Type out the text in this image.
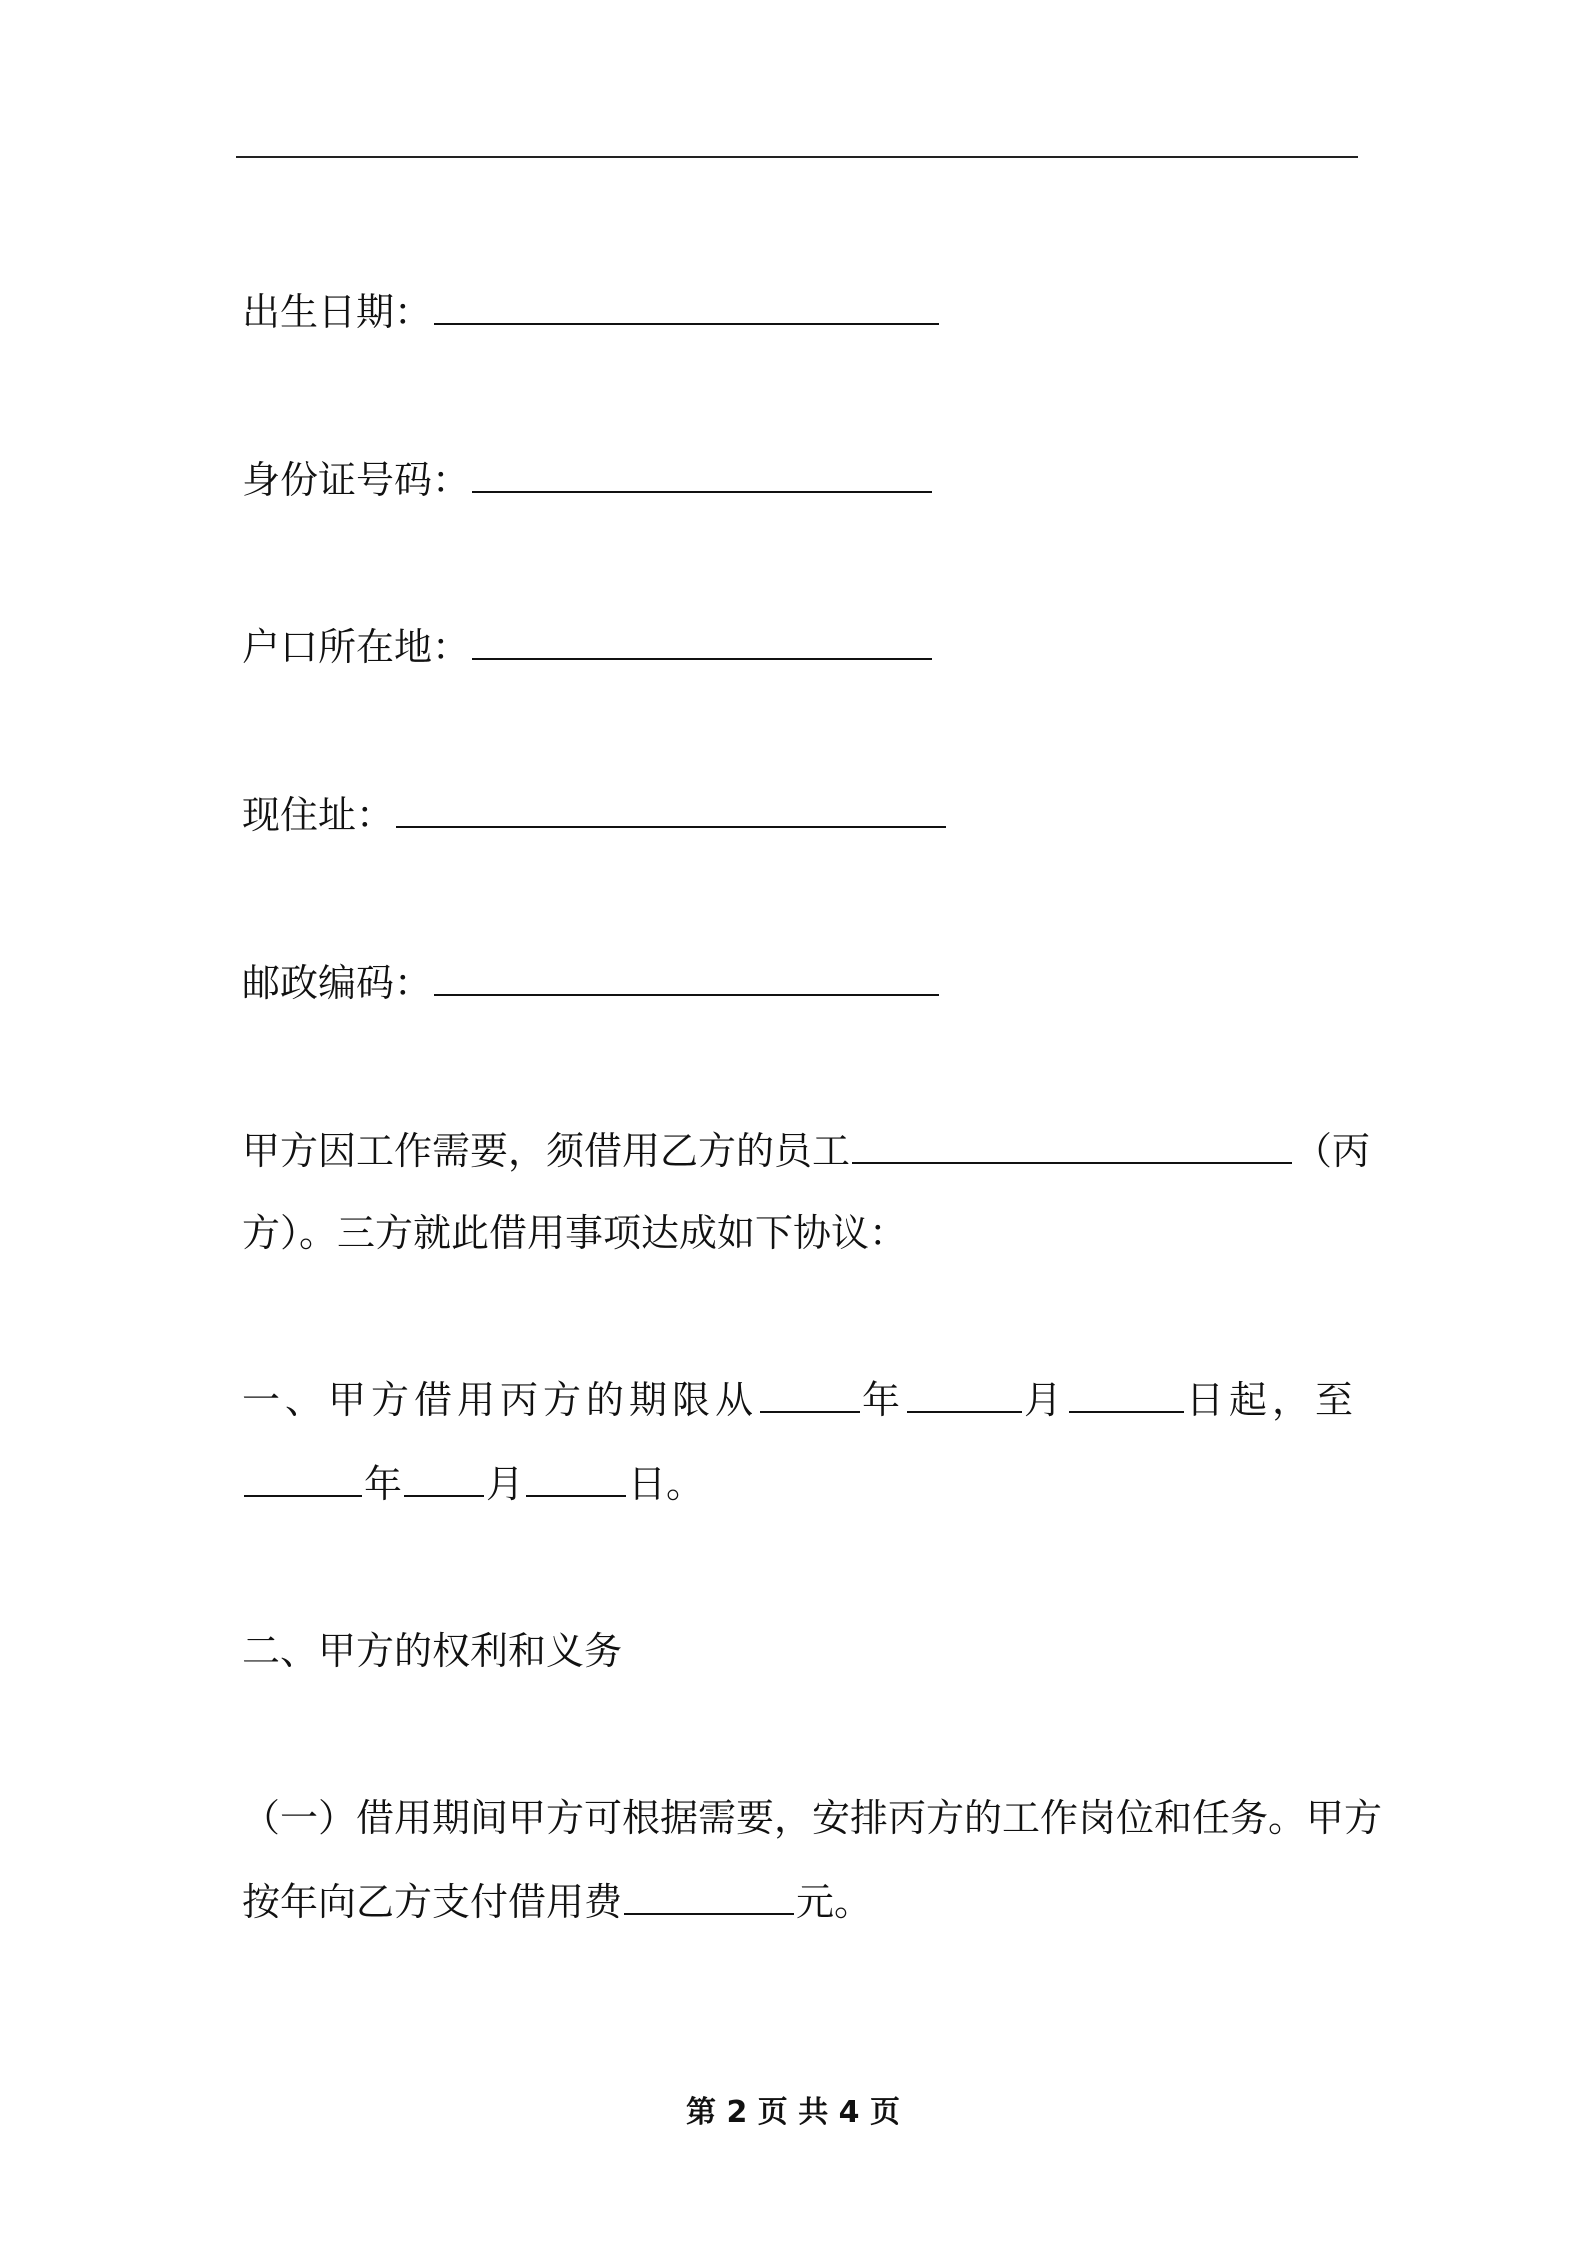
出生日期：
身份证号码：
户口所在地：
现住址：
邮政编码：
甲方因工作需要，须借用乙方的员工	（丙
方）。三方就此借用事项达成如下协议：
一、甲方借用丙方的期限从	年	月	日起，至
年 月	日。
二、甲方的权利和义务
（一）借用期间甲方可根据需要，安排丙方的工作岗位和任务。甲方
按年向乙方支付借用费	元。
第 2 页 共 4 页
